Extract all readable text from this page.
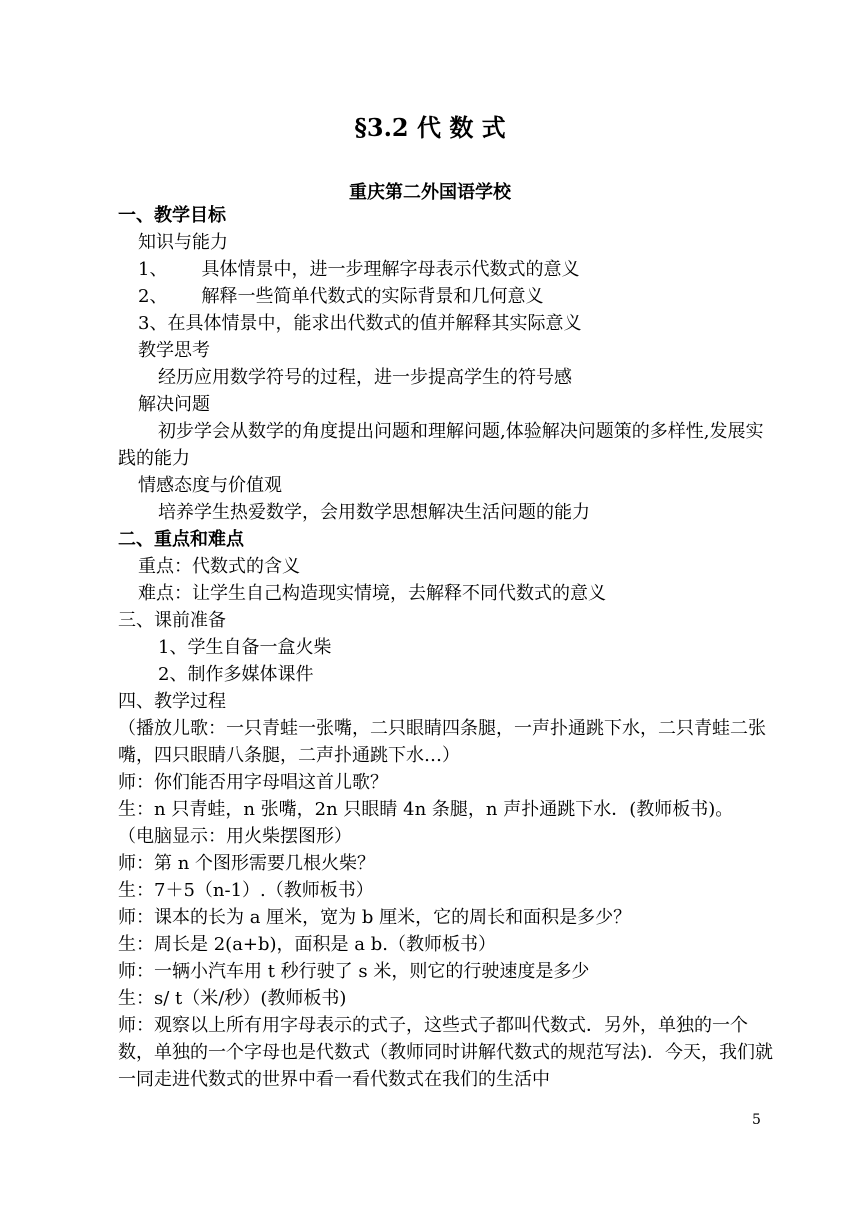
§3.2 代 数 式
重庆第二外国语学校
一、教学目标
知识与能力
1、 具体情景中，进一步理解字母表示代数式的意义
2、 解释一些简单代数式的实际背景和几何意义
3、在具体情景中，能求出代数式的值并解释其实际意义
教学思考
经历应用数学符号的过程，进一步提高学生的符号感
解决问题
初步学会从数学的角度提出问题和理解问题,体验解决问题策的多样性,发展实践的能力
情感态度与价值观
培养学生热爱数学，会用数学思想解决生活问题的能力
二、重点和难点
重点：代数式的含义
难点：让学生自己构造现实情境，去解释不同代数式的意义
三、课前准备
1、学生自备一盒火柴
2、制作多媒体课件
四、教学过程
（播放儿歌：一只青蛙一张嘴，二只眼睛四条腿，一声扑通跳下水，二只青蛙二张嘴，四只眼睛八条腿，二声扑通跳下水…）
师：你们能否用字母唱这首儿歌？
生：n 只青蛙，n 张嘴，2n 只眼睛 4n 条腿，n 声扑通跳下水．(教师板书)。
（电脑显示：用火柴摆图形）
师：第 n 个图形需要几根火柴？
生：7＋5（n-1）.（教师板书）
师：课本的长为 a 厘米，宽为 b 厘米，它的周长和面积是多少？
生：周长是 2(a+b)，面积是 a b.（教师板书）
师：一辆小汽车用 t 秒行驶了 s 米，则它的行驶速度是多少
生：s/ t（米/秒）(教师板书)
师：观察以上所有用字母表示的式子，这些式子都叫代数式．另外，单独的一个数，单独的一个字母也是代数式（教师同时讲解代数式的规范写法)．今天，我们就一同走进代数式的世界中看一看代数式在我们的生活中
5
